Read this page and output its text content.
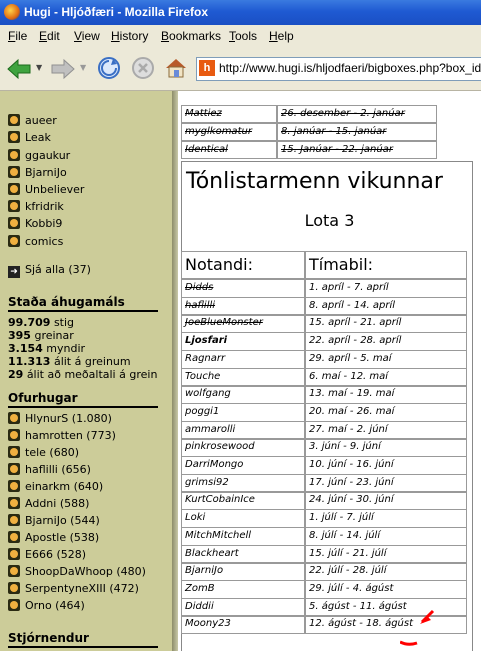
Hugi - Hljóðfæri - Mozilla Firefox
File Edit View History Bookmarks Tools Help
▼	▼	h
http://www.hugi.is/hljodfaeri/bigboxes.php?box_id=722
aueer
Leak
ggaukur
BjarniJo
Unbeliever
kfridrik
Kobbi9
comics
➜ Sjá alla (37)
Staða áhugamáls
99.709 stig
395 greinar
3.154 myndir
11.313 álit á greinum
29 álit að meðaltali á grein
Ofurhugar
HlynurS (1.080)
hamrotten (773)
tele (680)
haflilli (656)
einarkm (640)
Addni (588)
BjarniJo (544)
Apostle (538)
E666 (528)
ShoopDaWhoop (480)
SerpentyneXIII (472)
Orno (464)
Stjórnendur
Mattiez	26. desember - 2. janúar
myglkomatur	8. janúar - 15. janúar
Identical	15. Janúar - 22. janúar
Tónlistarmenn vikunnar
Lota 3
Notandi:	Tímabil:
Didds	1. apríl - 7. apríl
haflilli	8. apríl - 14. apríl
JoeBlueMonster	15. apríl - 21. apríl
Ljosfari	22. apríl - 28. apríl
Ragnarr	29. apríl - 5. maí
Touche	6. maí - 12. maí
wolfgang	13. maí - 19. maí
poggi1	20. maí - 26. maí
ammarolli	27. maí - 2. júní
pinkrosewood	3. júní - 9. júní
DarriMongo	10. júní - 16. júní
grimsi92	17. júní - 23. júní
KurtCobainIce	24. júní - 30. júní
Loki	1. júlí - 7. júlí
MitchMitchell	8. júlí - 14. júlí
Blackheart	15. júlí - 21. júlí
BjarniJo	22. júlí - 28. júlí
ZomB	29. júlí - 4. ágúst
Diddii	5. ágúst - 11. ágúst
Moony23	12. ágúst - 18. ágúst
